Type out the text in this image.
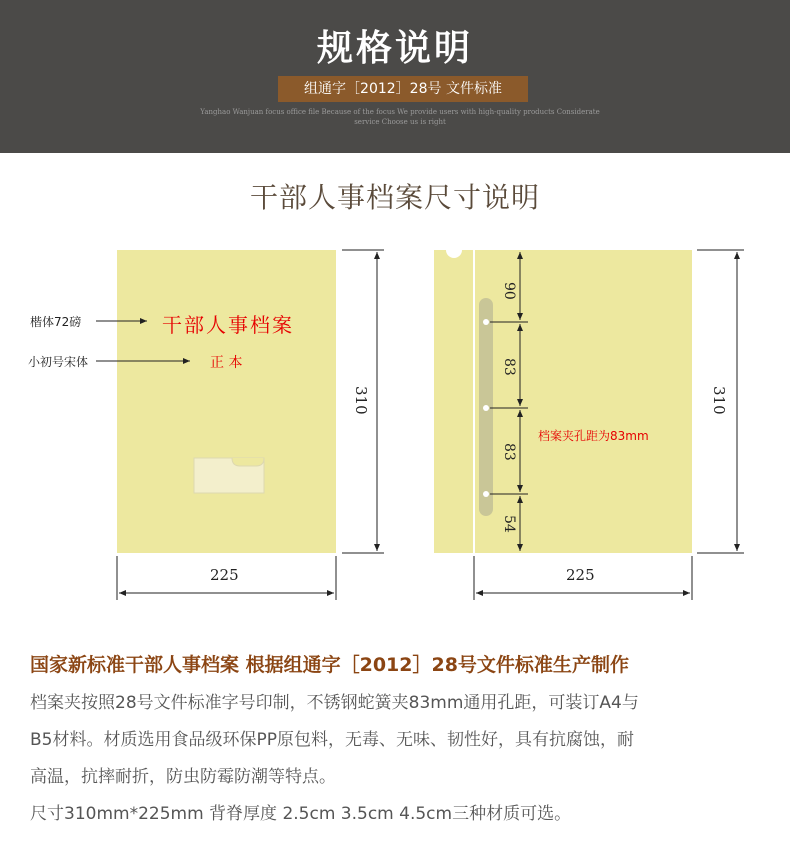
规格说明
组通字［2012］28号 文件标准
Yanghao Wanjuan focus office file Because of the focus We provide users with high-quality products Considerate service Choose us is right
干部人事档案尺寸说明
干部人事档案
正 本
楷体72磅
小初号宋体
310
225
90
83
83
54
档案夹孔距为83mm
310
225
国家新标准干部人事档案 根据组通字［2012］28号文件标准生产制作
档案夹按照28号文件标准字号印制，不锈钢蛇簧夹83mm通用孔距，可装订A4与
B5材料。材质选用食品级环保PP原包料，无毒、无味、韧性好，具有抗腐蚀，耐
高温，抗摔耐折，防虫防霉防潮等特点。
尺寸310mm*225mm 背脊厚度 2.5cm 3.5cm 4.5cm三种材质可选。
